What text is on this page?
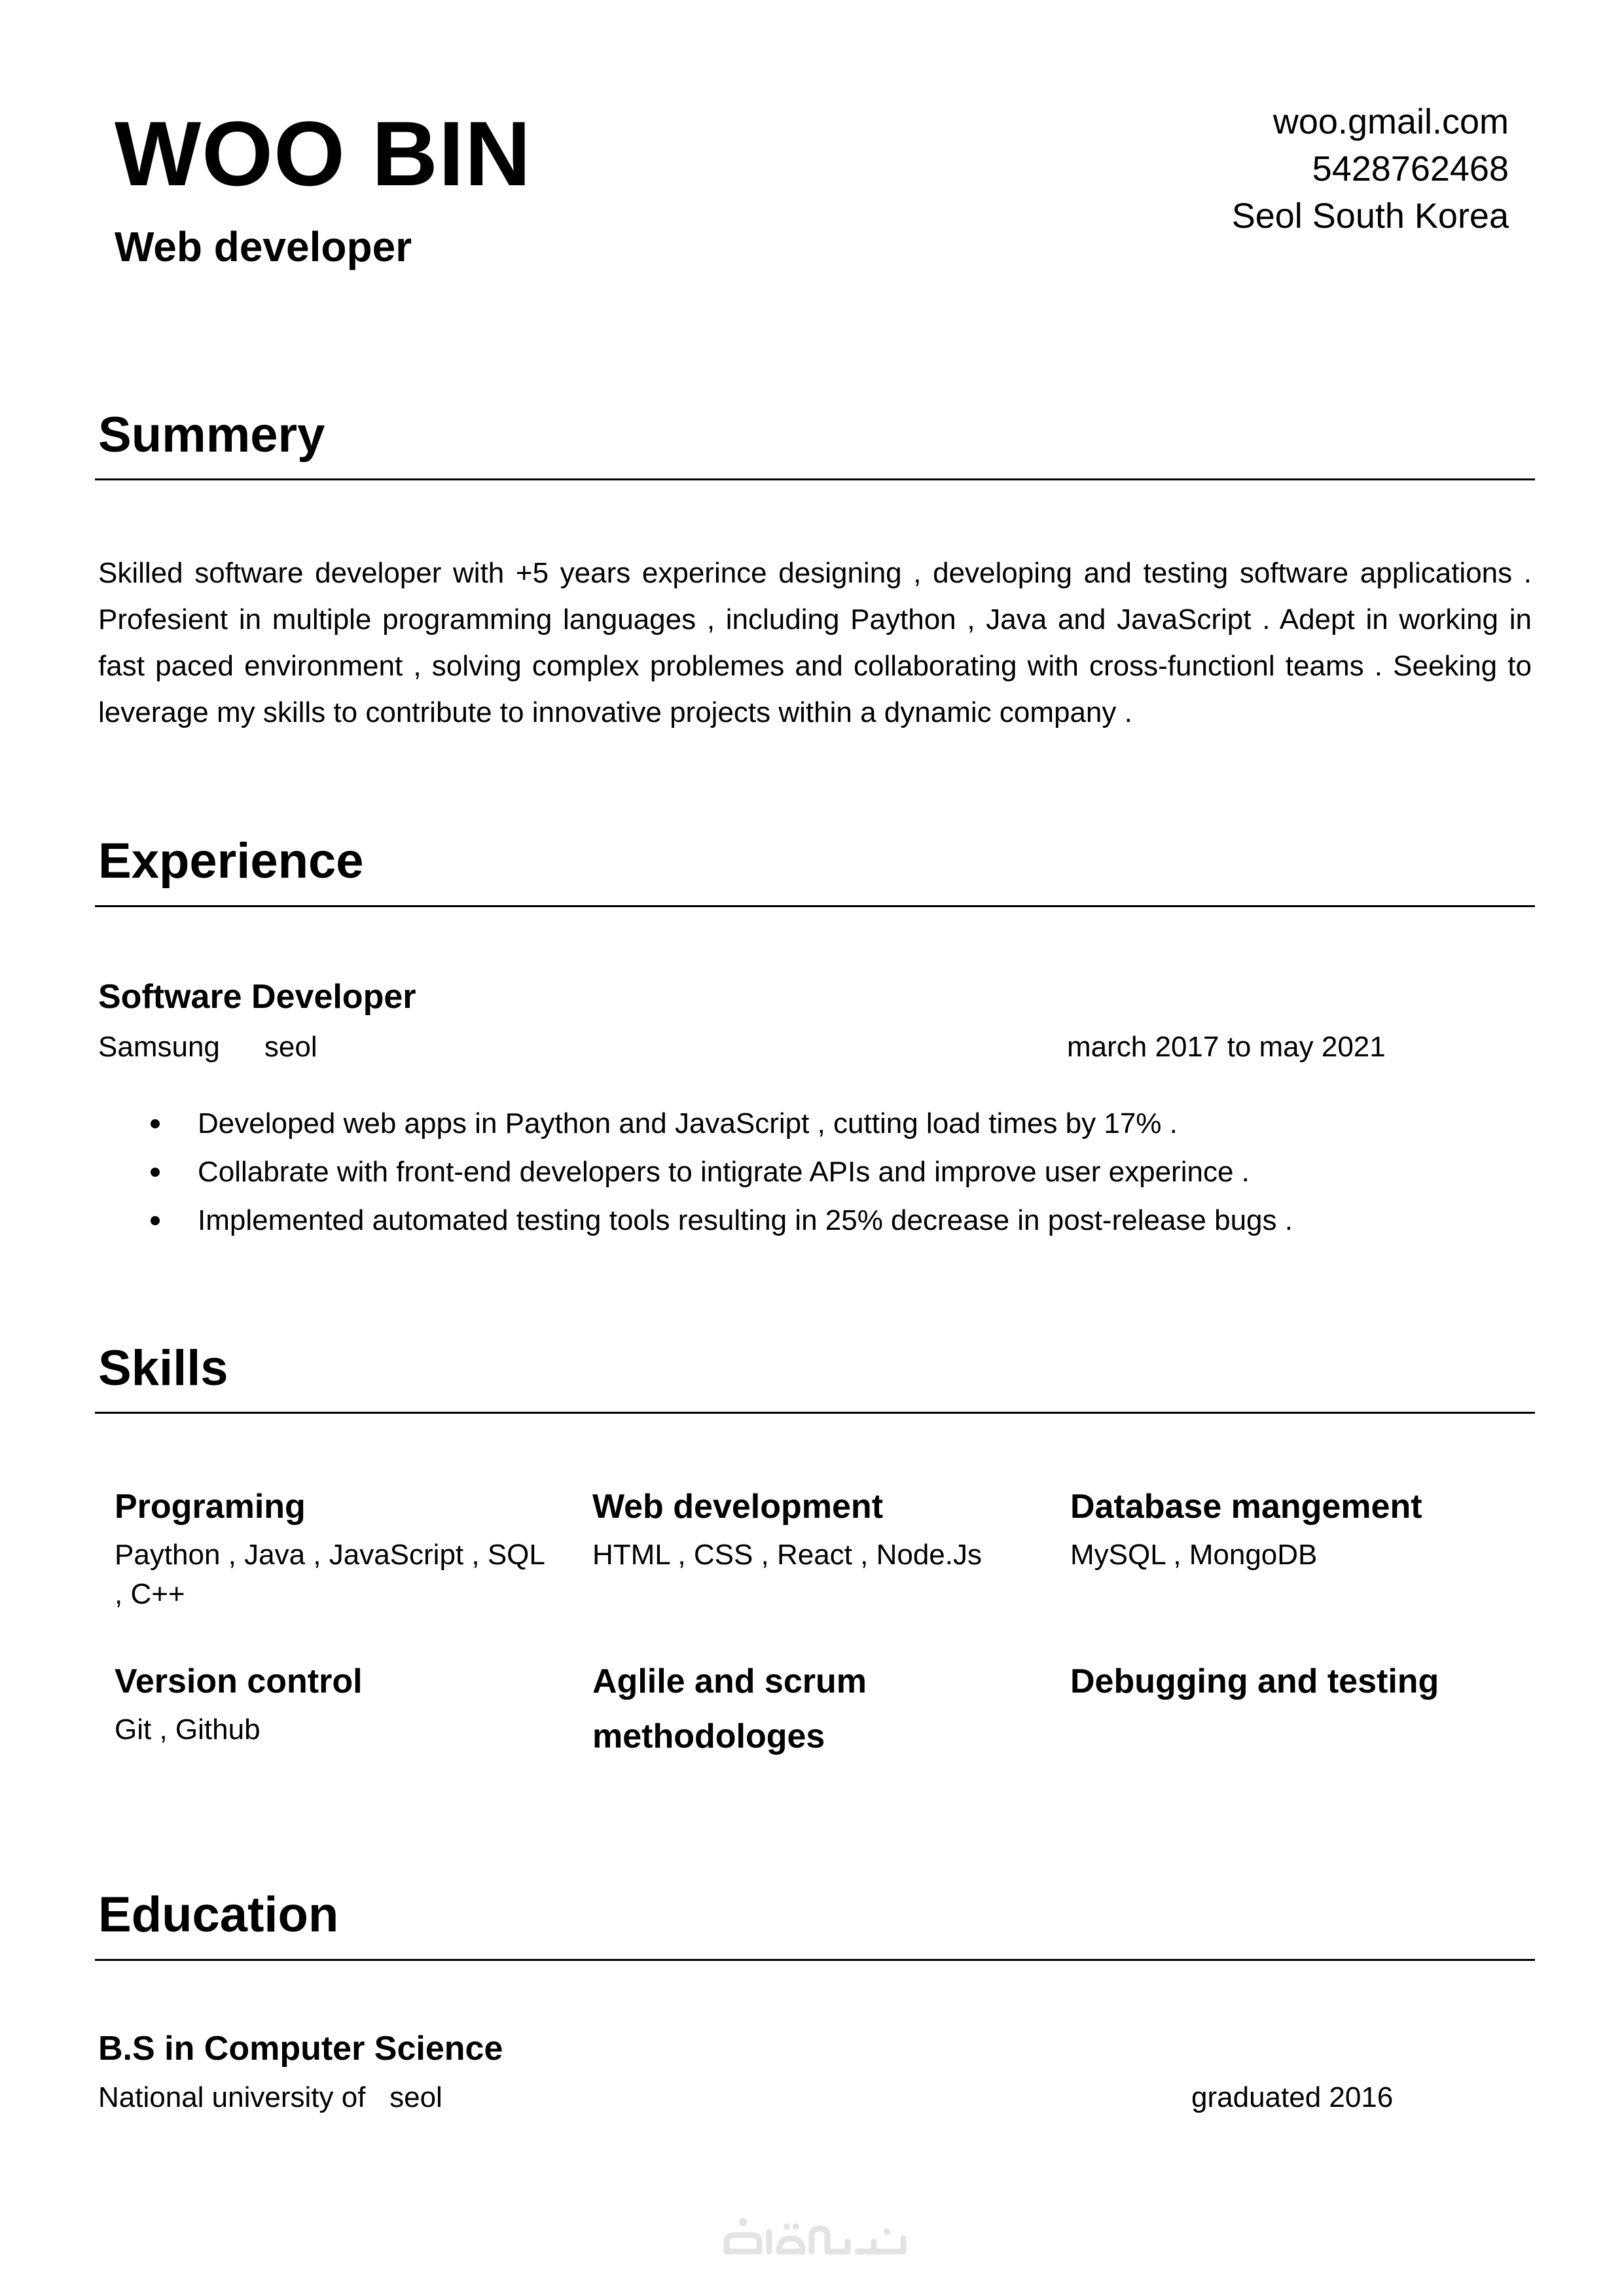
WOO BIN
Web developer
woo.gmail.com
5428762468
Seol South Korea
Summery
Skilled software developer with +5 years experince designing , developing and testing software applications . Profesient in multiple programming languages , including Paython , Java and JavaScript . Adept in working in fast paced environment , solving complex problemes and collaborating with cross-functionl teams . Seeking to leverage my skills to contribute to innovative projects within a dynamic company .
Experience
Software Developer
Samsung seol	march 2017 to may 2021
Developed web apps in Paython and JavaScript , cutting load times by 17% .
Collabrate with front-end developers to intigrate APIs and improve user experince .
Implemented automated testing tools resulting in 25% decrease in post-release bugs .
Skills
Programing
Paython , Java , JavaScript , SQL , C++
Web development
HTML , CSS , React , Node.Js
Database mangement
MySQL , MongoDB
Version control
Git , Github
Aglile and scrum methodologes
Debugging and testing
Education
B.S in Computer Science
National university of   seol	graduated 2016
